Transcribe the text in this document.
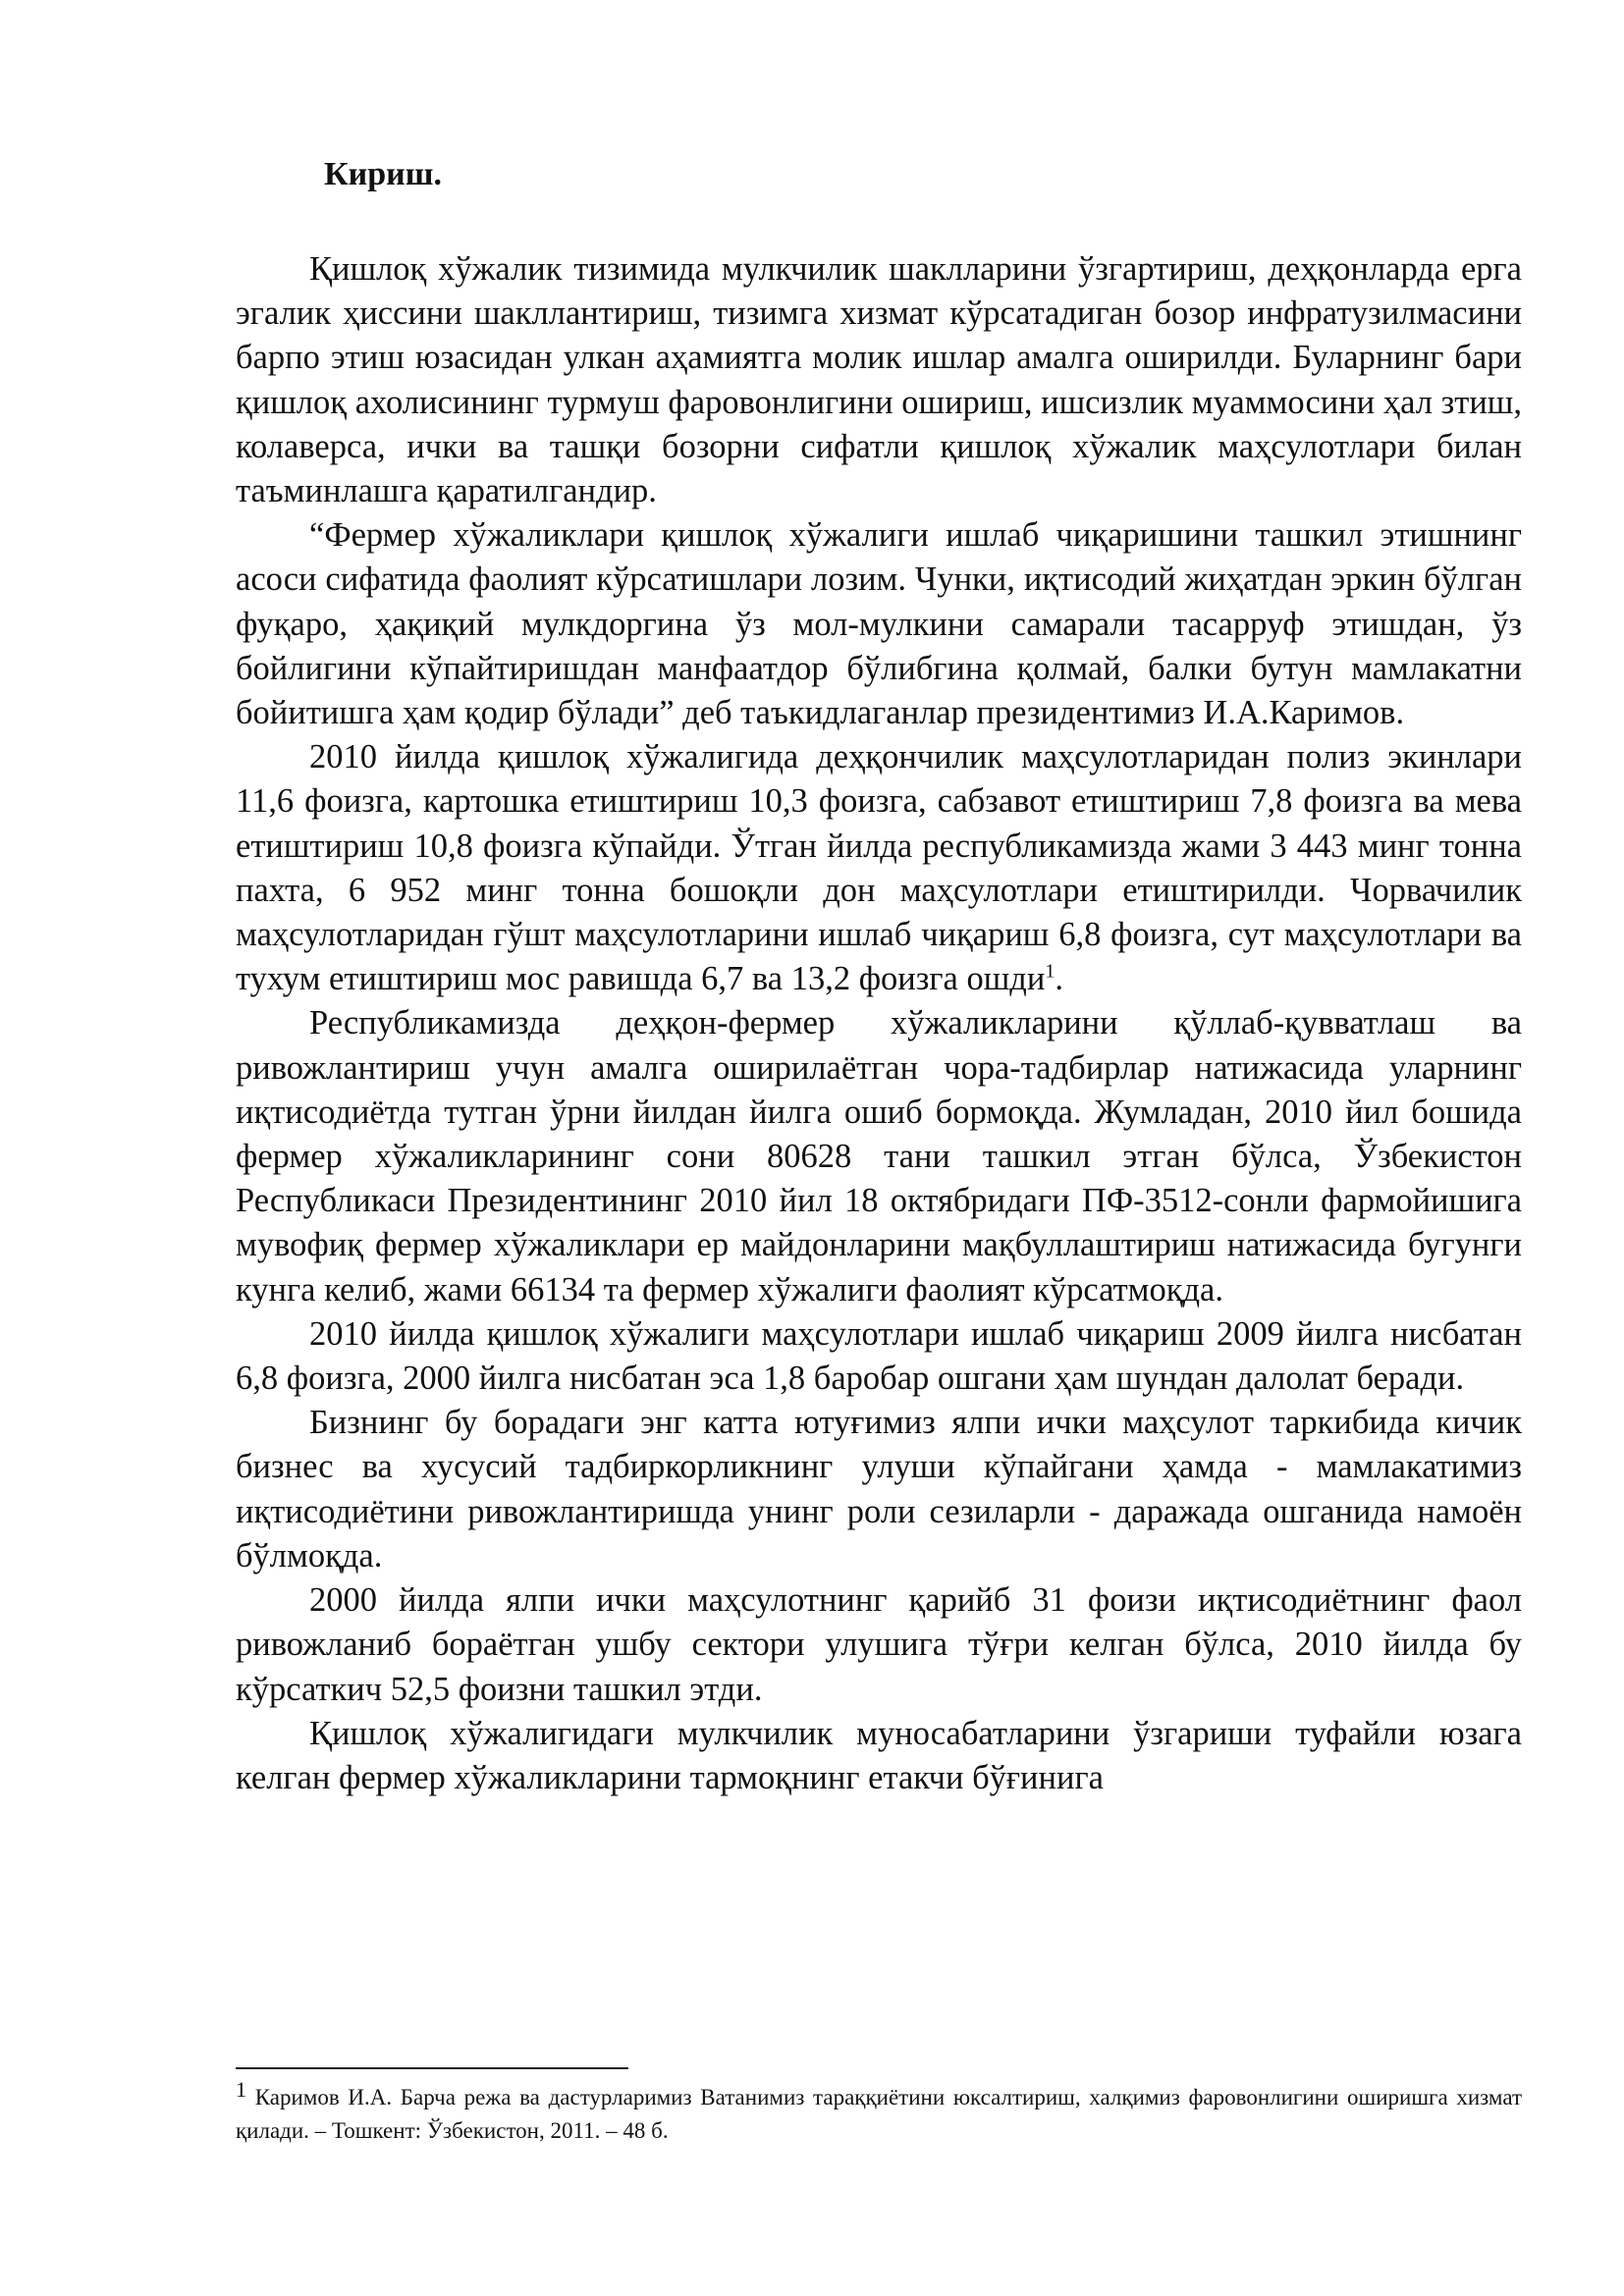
Кириш.

Қишлоқ хўжалик тизимида мулкчилик шаклларини ўзгартириш, деҳқонларда ерга эгалик ҳиссини шакллантириш, тизимга хизмат кўрсатадиган бозор инфратузилмасини барпо этиш юзасидан улкан аҳамиятга молик ишлар амалга оширилди. Буларнинг бари қишлоқ ахолисининг турмуш фаровонлигини ошириш, ишсизлик муаммосини ҳал зтиш, колаверса, ички ва ташқи бозорни сифатли қишлоқ хўжалик маҳсулотлари билан таъминлашга қаратилгандир.

“Фермер хўжаликлари қишлоқ хўжалиги ишлаб чиқаришини ташкил этишнинг асоси сифатида фаолият кўрсатишлари лозим. Чунки, иқтисодий жиҳатдан эркин бўлган фуқаро, ҳақиқий мулкдоргина ўз мол-мулкини самарали тасарруф этишдан, ўз бойлигини кўпайтиришдан манфаатдор бўлибгина қолмай, балки бутун мамлакатни бойитишга ҳам қодир бўлади” деб таъкидлаганлар президентимиз И.А.Каримов.

2010 йилда қишлоқ хўжалигида деҳқончилик маҳсулотларидан полиз экинлари 11,6 фоизга, картошка етиштириш 10,3 фоизга, сабзавот етиштириш 7,8 фоизга ва мева етиштириш 10,8 фоизга кўпайди. Ўтган йилда республикамизда жами 3 443 минг тонна пахта, 6 952 минг тонна бошоқли дон маҳсулотлари етиштирилди. Чорвачилик маҳсулотларидан гўшт маҳсулотларини ишлаб чиқариш 6,8 фоизга, сут маҳсулотлари ва тухум етиштириш мос равишда 6,7 ва 13,2 фоизга ошди$^1$.

Республикамизда деҳқон-фермер хўжаликларини қўллаб-қувватлаш ва ривожлантириш учун амалга оширилаётган чора-тадбирлар натижасида уларнинг иқтисодиётда тутган ўрни йилдан йилга ошиб бормоқда. Жумладан, 2010 йил бошида фермер хўжаликларининг сони 80628 тани ташкил этган бўлса, Ўзбекистон Республикаси Президентининг 2010 йил 18 октябридаги ПФ-3512-сонли фармойишига мувофиқ фермер хўжаликлари ер майдонларини мақбуллаштириш натижасида бугунги кунга келиб, жами 66134 та фермер хўжалиги фаолият кўрсатмоқда.

2010 йилда қишлоқ хўжалиги маҳсулотлари ишлаб чиқариш 2009 йилга нисбатан 6,8 фоизга, 2000 йилга нисбатан эса 1,8 баробар ошгани ҳам шундан далолат беради.

Бизнинг бу борадаги энг катта ютуғимиз ялпи ички маҳсулот таркибида кичик бизнес ва хусусий тадбиркорликнинг улуши кўпайгани ҳамда - мамлакатимиз иқтисодиётини ривожлантиришда унинг роли сезиларли - даражада ошганида намоён бўлмоқда.

2000 йилда ялпи ички маҳсулотнинг қарийб 31 фоизи иқтисодиётнинг фаол ривожланиб бораётган ушбу сектори улушига тўғри келган бўлса, 2010 йилда бу кўрсаткич 52,5 фоизни ташкил этди.

Қишлоқ хўжалигидаги мулкчилик муносабатларини ўзгариши туфайли юзага келган фермер хўжаликларини тармоқнинг етакчи бўғинига

1 Каримов И.А. Барча режа ва дастурларимиз Ватанимиз тараққиётини юксалтириш, халқимиз фаровонлигини оширишга хизмат қилади. – Тошкент: Ўзбекистон, 2011. – 48 б.
